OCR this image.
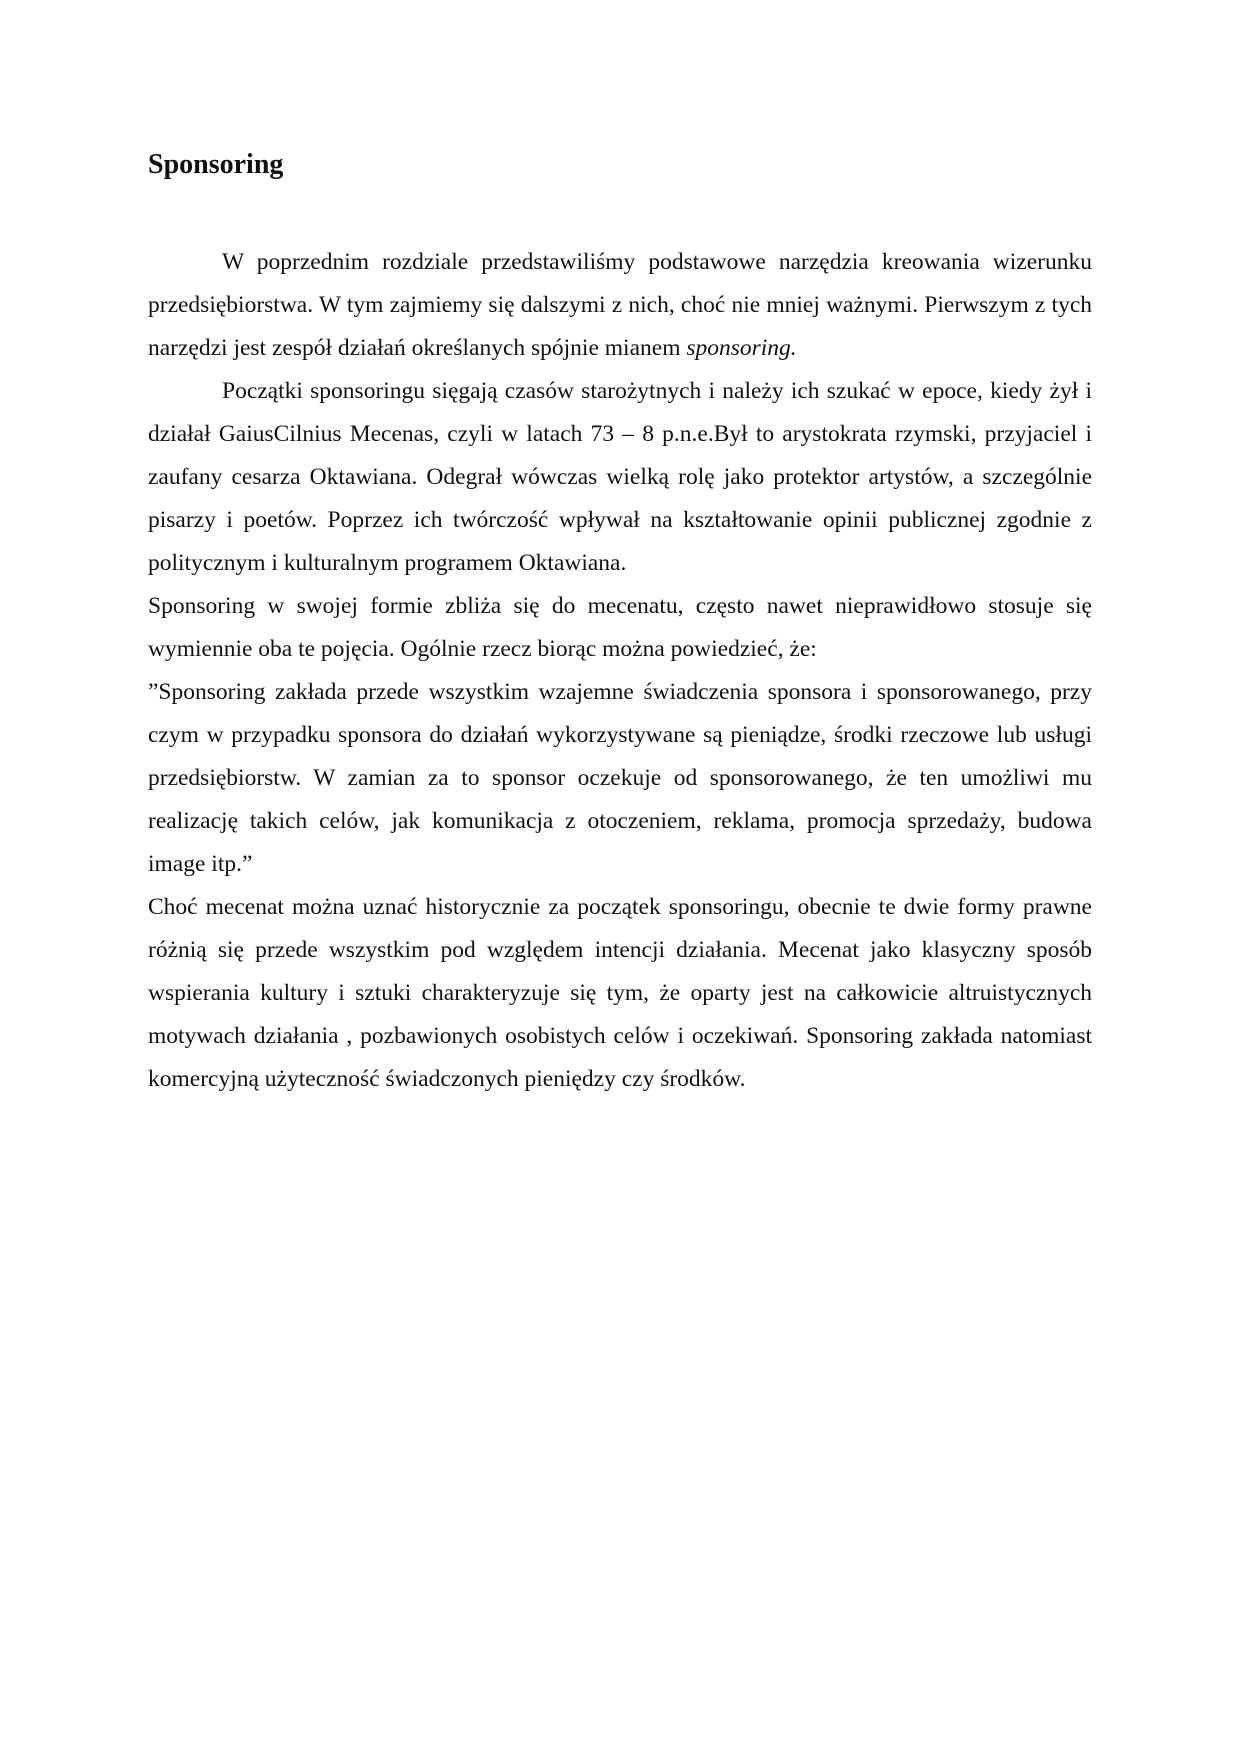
Sponsoring

W poprzednim rozdziale przedstawiliśmy podstawowe narzędzia kreowania wizerunku przedsiębiorstwa. W tym zajmiemy się dalszymi z nich, choć nie mniej ważnymi. Pierwszym z tych narzędzi jest zespół działań określanych spójnie mianem sponsoring.

Początki sponsoringu sięgają czasów starożytnych i należy ich szukać w epoce, kiedy żył i działał GaiusCilnius Mecenas, czyli w latach 73 – 8 p.n.e.Był to arystokrata rzymski, przyjaciel i zaufany cesarza Oktawiana. Odegrał wówczas wielką rolę jako protektor artystów, a szczególnie pisarzy i poetów. Poprzez ich twórczość wpływał na kształtowanie opinii publicznej zgodnie z politycznym i kulturalnym programem Oktawiana.

Sponsoring w swojej formie zbliża się do mecenatu, często nawet nieprawidłowo stosuje się wymiennie oba te pojęcia. Ogólnie rzecz biorąc można powiedzieć, że:

”Sponsoring zakłada przede wszystkim wzajemne świadczenia sponsora i sponsorowanego, przy czym w przypadku sponsora do działań wykorzystywane są pieniądze, środki rzeczowe lub usługi przedsiębiorstw. W zamian za to sponsor oczekuje od sponsorowanego, że ten umożliwi mu realizację takich celów, jak komunikacja z otoczeniem, reklama, promocja sprzedaży, budowa image itp.”

Choć mecenat można uznać historycznie za początek sponsoringu, obecnie te dwie formy prawne różnią się przede wszystkim pod względem intencji działania. Mecenat jako klasyczny sposób wspierania kultury i sztuki charakteryzuje się tym, że oparty jest na całkowicie altruistycznych motywach działania , pozbawionych osobistych celów i oczekiwań. Sponsoring zakłada natomiast komercyjną użyteczność świadczonych pieniędzy czy środków.
